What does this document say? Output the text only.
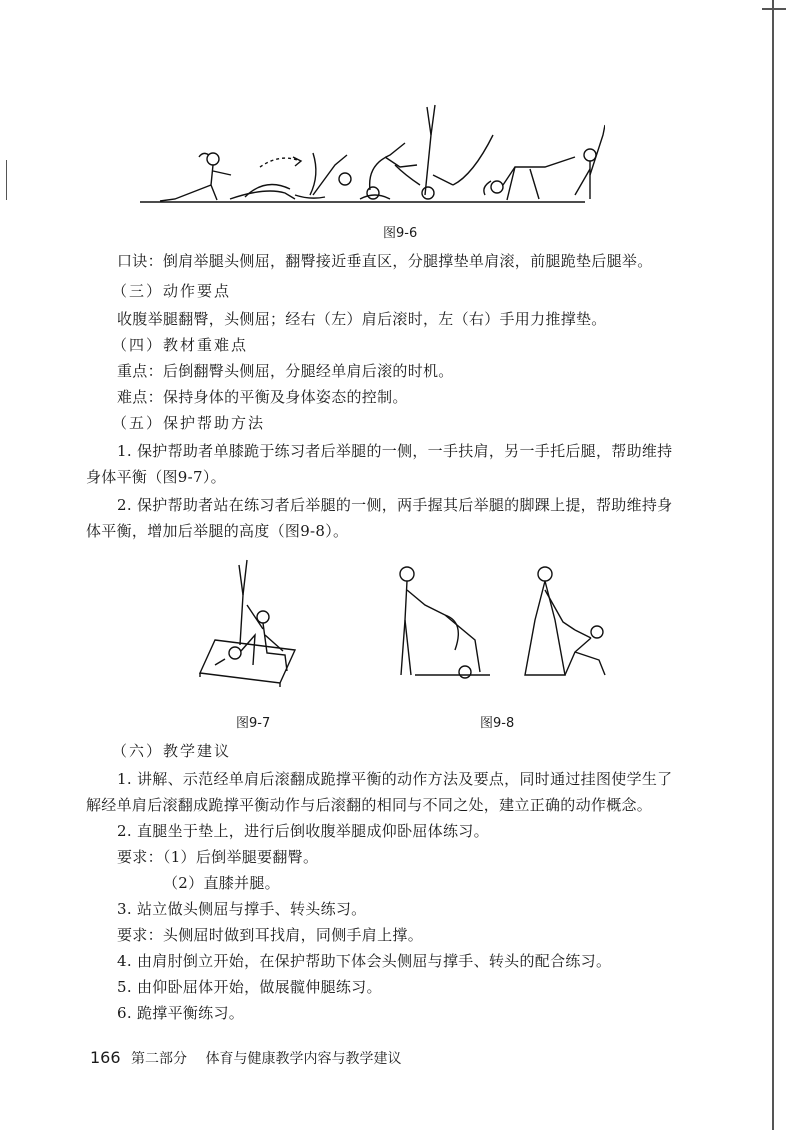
图9-6
口诀：倒肩举腿头侧屈，翻臀接近垂直区，分腿撑垫单肩滚，前腿跪垫后腿举。
（三）动作要点
收腹举腿翻臀，头侧屈；经右（左）肩后滚时，左（右）手用力推撑垫。
（四）教材重难点
重点：后倒翻臀头侧屈，分腿经单肩后滚的时机。
难点：保持身体的平衡及身体姿态的控制。
（五）保护帮助方法
1. 保护帮助者单膝跪于练习者后举腿的一侧，一手扶肩，另一手托后腿，帮助维持
身体平衡（图9-7）。
2. 保护帮助者站在练习者后举腿的一侧，两手握其后举腿的脚踝上提，帮助维持身
体平衡，增加后举腿的高度（图9-8）。
图9-7	图9-8
（六）教学建议
1. 讲解、示范经单肩后滚翻成跪撑平衡的动作方法及要点，同时通过挂图使学生了
解经单肩后滚翻成跪撑平衡动作与后滚翻的相同与不同之处，建立正确的动作概念。
2. 直腿坐于垫上，进行后倒收腹举腿成仰卧屈体练习。
要求：（1）后倒举腿要翻臀。
（2）直膝并腿。
3. 站立做头侧屈与撑手、转头练习。
要求：头侧屈时做到耳找肩，同侧手肩上撑。
4. 由肩肘倒立开始，在保护帮助下体会头侧屈与撑手、转头的配合练习。
5. 由仰卧屈体开始，做展髋伸腿练习。
6. 跪撑平衡练习。
166 第二部分 体育与健康教学内容与教学建议
